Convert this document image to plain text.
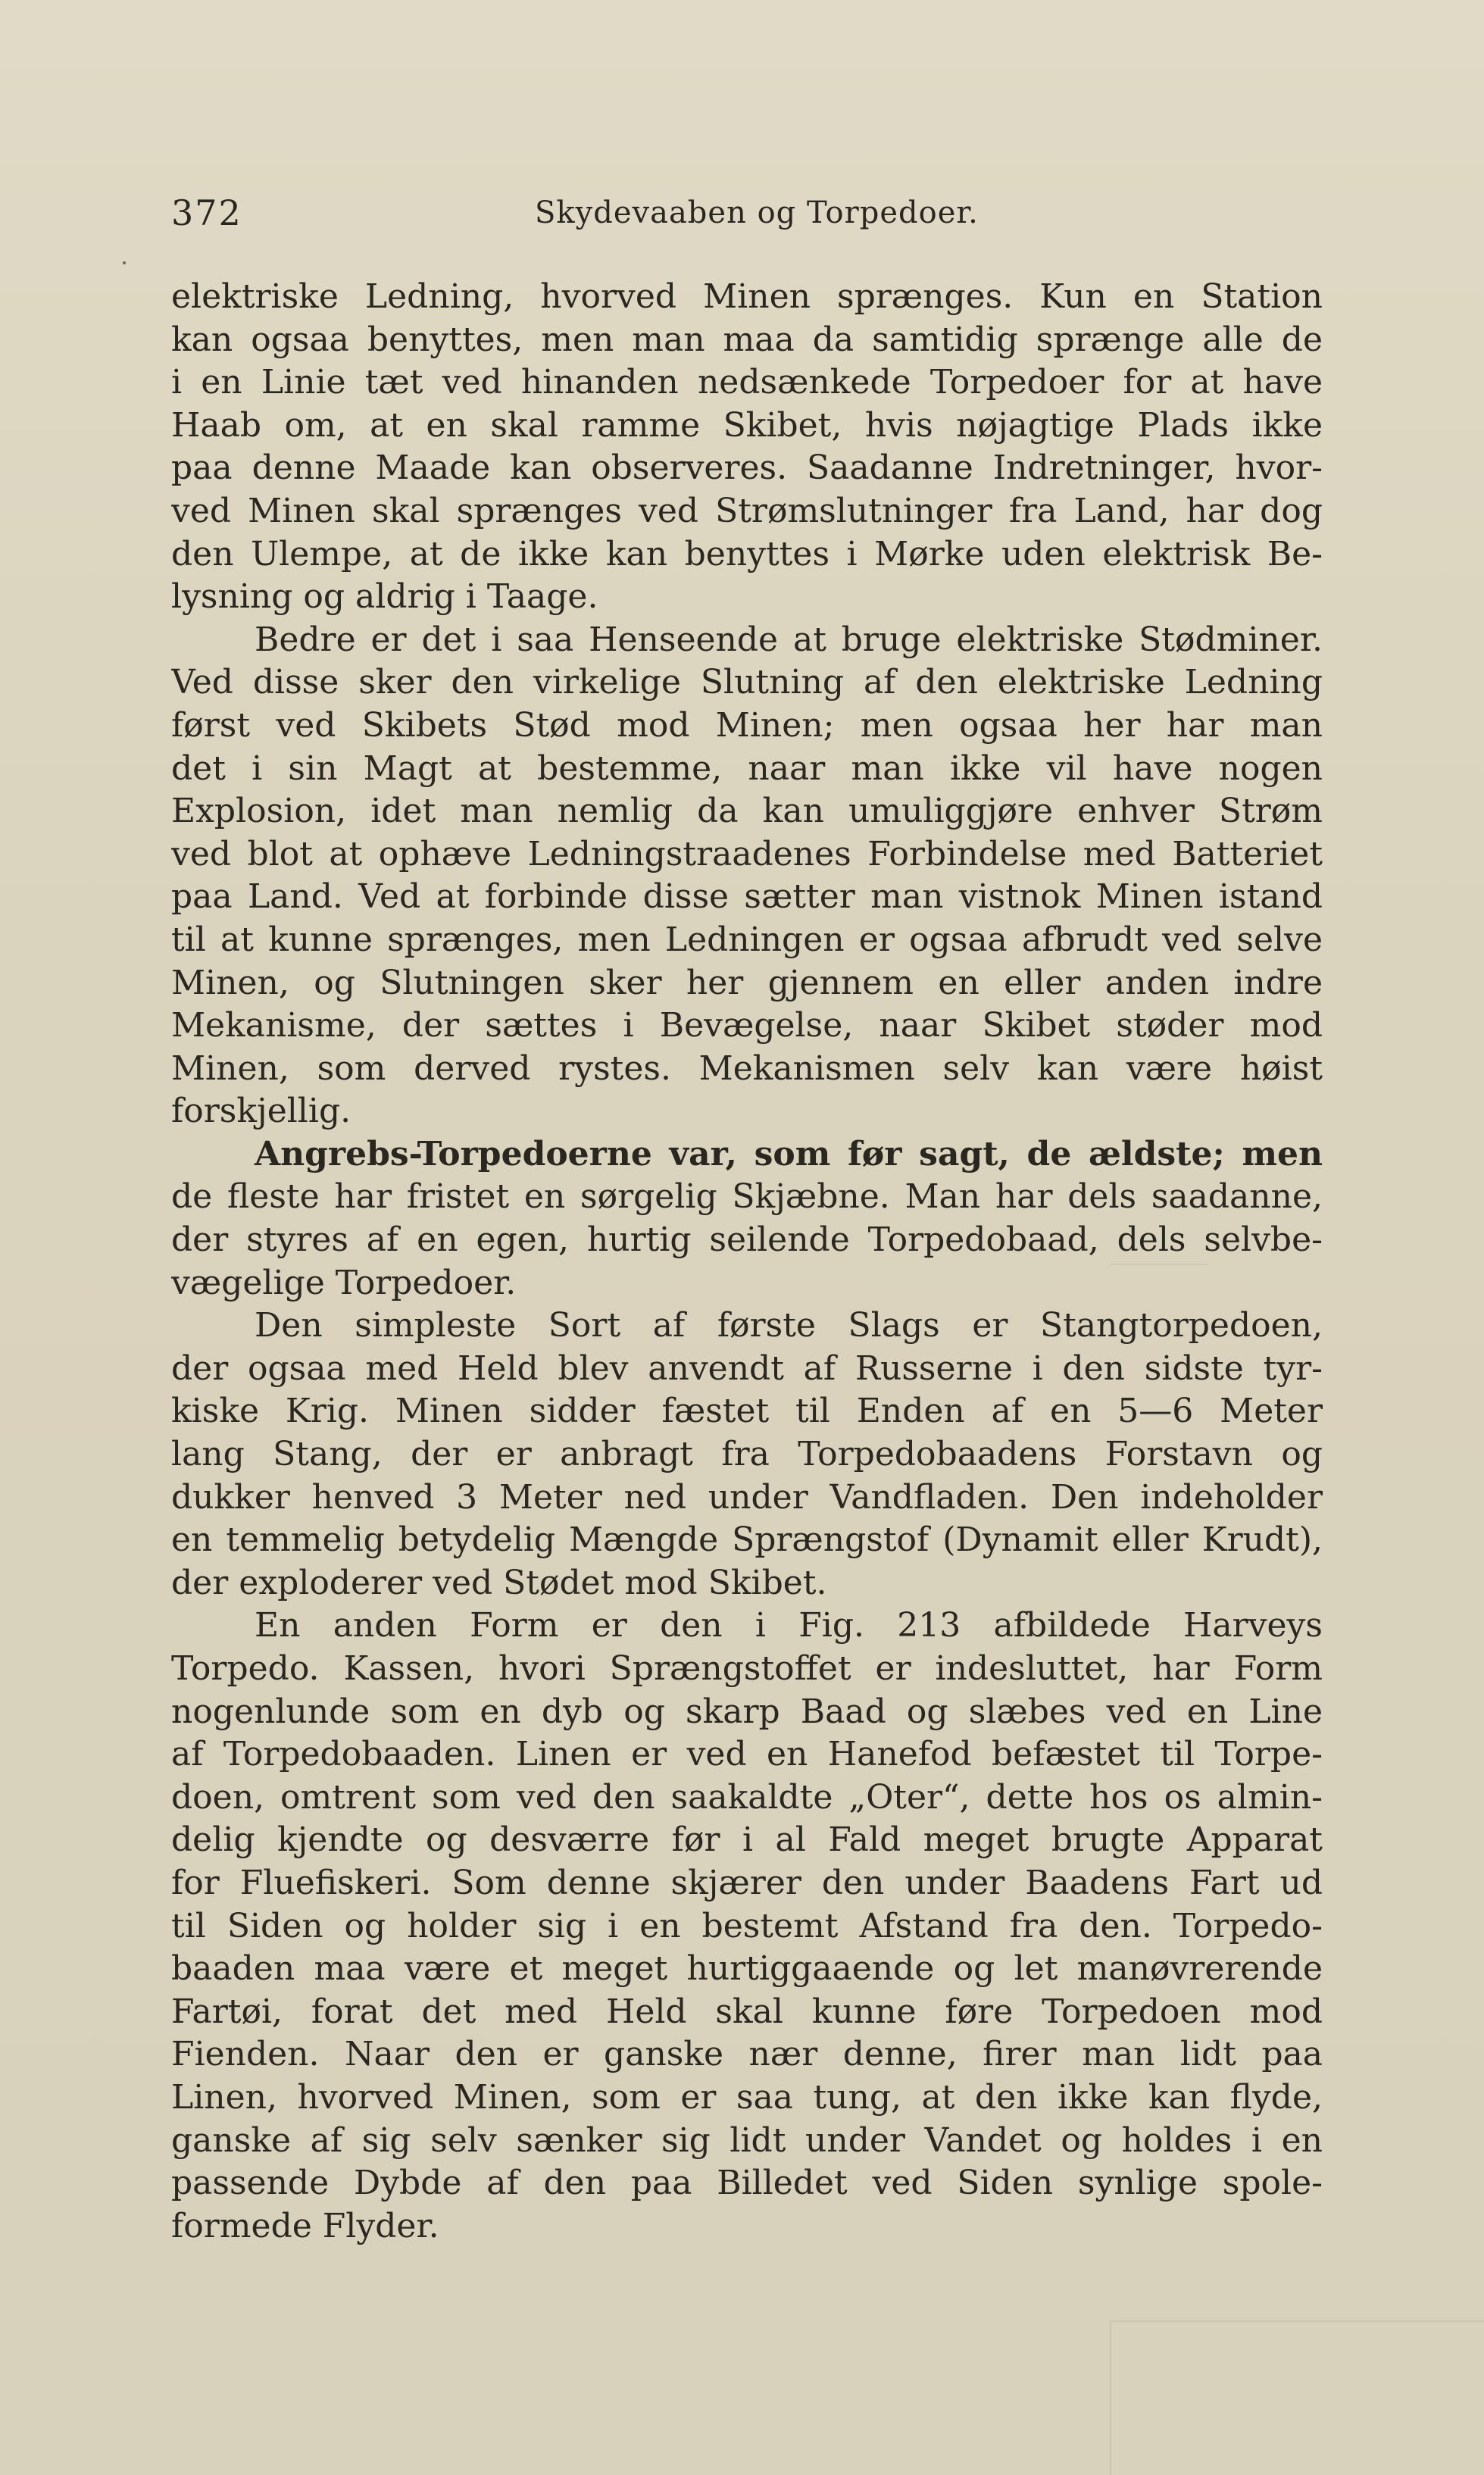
372	Skydevaaben og Torpedoer.
elektriske Ledning, hvorved Minen sprænges. Kun en Station
kan ogsaa benyttes, men man maa da samtidig sprænge alle de
i en Linie tæt ved hinanden nedsænkede Torpedoer for at have
Haab om, at en skal ramme Skibet, hvis nøjagtige Plads ikke
paa denne Maade kan observeres. Saadanne Indretninger, hvor-
ved Minen skal sprænges ved Strømslutninger fra Land, har dog
den Ulempe, at de ikke kan benyttes i Mørke uden elektrisk Be-
lysning og aldrig i Taage.
Bedre er det i saa Henseende at bruge elektriske Stødminer.
Ved disse sker den virkelige Slutning af den elektriske Ledning
først ved Skibets Stød mod Minen; men ogsaa her har man
det i sin Magt at bestemme, naar man ikke vil have nogen
Explosion, idet man nemlig da kan umuliggjøre enhver Strøm
ved blot at ophæve Ledningstraadenes Forbindelse med Batteriet
paa Land. Ved at forbinde disse sætter man vistnok Minen istand
til at kunne sprænges, men Ledningen er ogsaa afbrudt ved selve
Minen, og Slutningen sker her gjennem en eller anden indre
Mekanisme, der sættes i Bevægelse, naar Skibet støder mod
Minen, som derved rystes. Mekanismen selv kan være høist
forskjellig.
Angrebs-Torpedoerne var, som før sagt, de ældste; men
de fleste har fristet en sørgelig Skjæbne. Man har dels saadanne,
der styres af en egen, hurtig seilende Torpedobaad, dels selvbe-
vægelige Torpedoer.
Den simpleste Sort af første Slags er Stangtorpedoen,
der ogsaa med Held blev anvendt af Russerne i den sidste tyr-
kiske Krig. Minen sidder fæstet til Enden af en 5—6 Meter
lang Stang, der er anbragt fra Torpedobaadens Forstavn og
dukker henved 3 Meter ned under Vandfladen. Den indeholder
en temmelig betydelig Mængde Sprængstof (Dynamit eller Krudt),
der exploderer ved Stødet mod Skibet.
En anden Form er den i Fig. 213 afbildede Harveys
Torpedo. Kassen, hvori Sprængstoffet er indesluttet, har Form
nogenlunde som en dyb og skarp Baad og slæbes ved en Line
af Torpedobaaden. Linen er ved en Hanefod befæstet til Torpe-
doen, omtrent som ved den saakaldte „Oter“, dette hos os almin-
delig kjendte og desværre før i al Fald meget brugte Apparat
for Fluefiskeri. Som denne skjærer den under Baadens Fart ud
til Siden og holder sig i en bestemt Afstand fra den. Torpedo-
baaden maa være et meget hurtiggaaende og let manøvrerende
Fartøi, forat det med Held skal kunne føre Torpedoen mod
Fienden. Naar den er ganske nær denne, firer man lidt paa
Linen, hvorved Minen, som er saa tung, at den ikke kan flyde,
ganske af sig selv sænker sig lidt under Vandet og holdes i en
passende Dybde af den paa Billedet ved Siden synlige spole-
formede Flyder.
